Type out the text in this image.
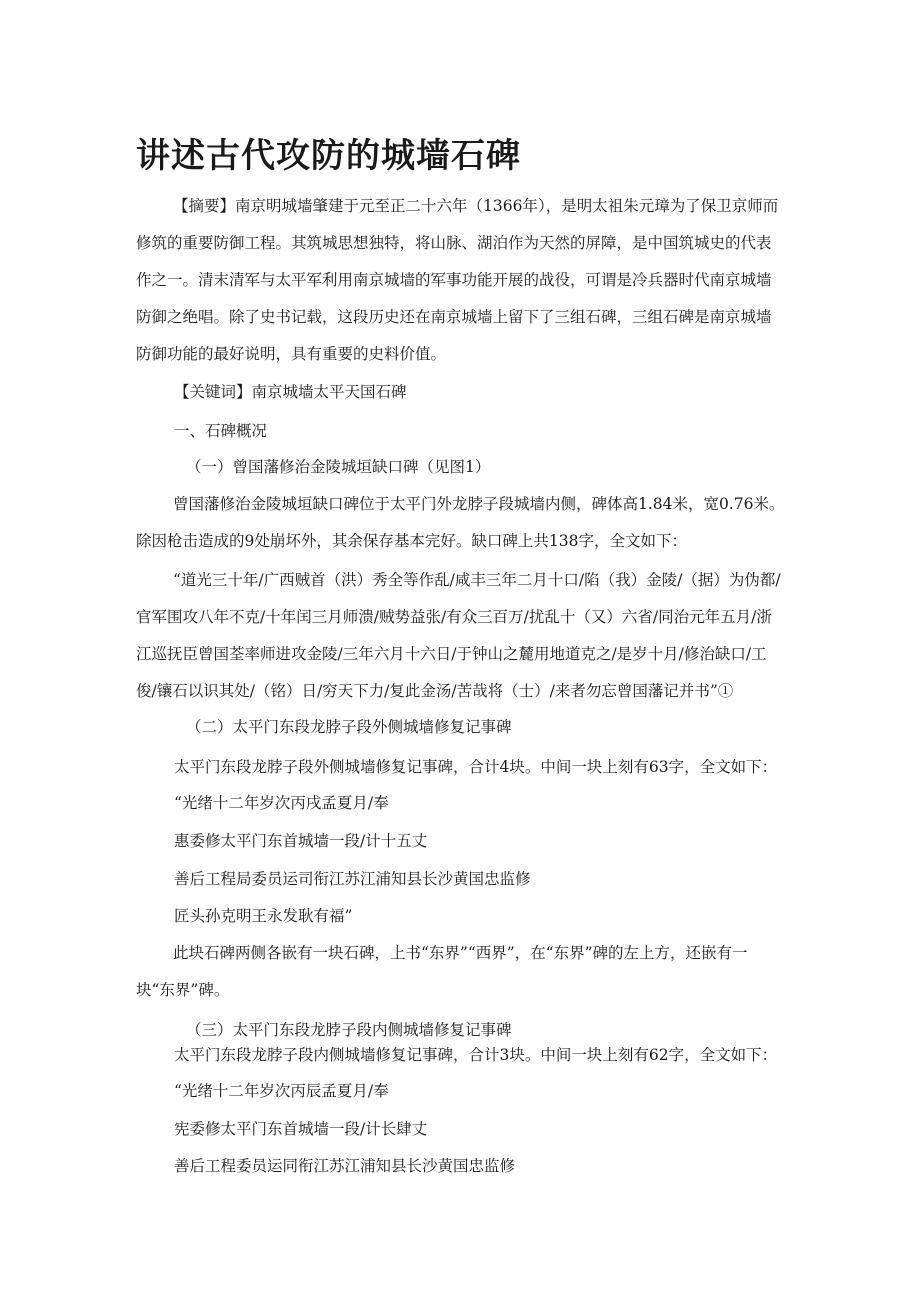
讲述古代攻防的城墙石碑

【摘要】南京明城墙肇建于元至正二十六年（1366年），是明太祖朱元璋为了保卫京师而修筑的重要防御工程。其筑城思想独特，将山脉、湖泊作为天然的屏障，是中国筑城史的代表作之一。清末清军与太平军利用南京城墙的军事功能开展的战役，可谓是冷兵器时代南京城墙防御之绝唱。除了史书记载，这段历史还在南京城墙上留下了三组石碑，三组石碑是南京城墙防御功能的最好说明，具有重要的史料价值。

【关键词】南京城墙太平天国石碑
一、石碑概况
（一）曾国藩修治金陵城垣缺口碑（见图1）

曾国藩修治金陵城垣缺口碑位于太平门外龙脖子段城墙内侧，碑体高1.84米，宽0.76米。除因枪击造成的9处崩坏外，其余保存基本完好。缺口碑上共138字，全文如下：

“道光三十年/广西贼首（洪）秀全等作乱/咸丰三年二月十口/陷（我）金陵/（据）为伪都/官军围攻八年不克/十年闰三月师溃/贼势益张/有众三百万/扰乱十（又）六省/同治元年五月/浙江巡抚臣曾国荃率师进攻金陵/三年六月十六日/于钟山之麓用地道克之/是岁十月/修治缺口/工俊/镶石以识其处/（铭）日/穷天下力/复此金汤/苦哉将（士）/来者勿忘曾国藩记并书”①

（二）太平门东段龙脖子段外侧城墙修复记事碑
太平门东段龙脖子段外侧城墙修复记事碑，合计4块。中间一块上刻有63字，全文如下：
“光绪十二年岁次丙戌孟夏月/奉
惠委修太平门东首城墙一段/计十五丈
善后工程局委员运司衔江苏江浦知县长沙黄国忠监修
匠头孙克明王永发耿有福”

此块石碑两侧各嵌有一块石碑，上书“东界”“西界”，在“东界”碑的左上方，还嵌有一块“东界”碑。

（三）太平门东段龙脖子段内侧城墙修复记事碑
太平门东段龙脖子段内侧城墙修复记事碑，合计3块。中间一块上刻有62字，全文如下：
“光绪十二年岁次丙辰孟夏月/奉
宪委修太平门东首城墙一段/计长肆丈
善后工程委员运同衔江苏江浦知县长沙黄国忠监修
